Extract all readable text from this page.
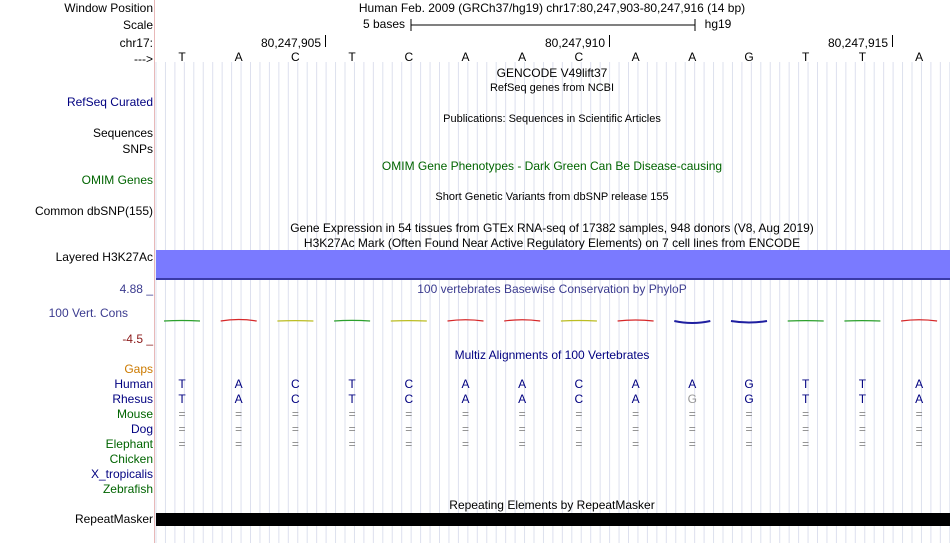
Window Position	Human Feb. 2009 (GRCh37/hg19) chr17:80,247,903-80,247,916 (14 bp)
Scale	5 bases	hg19
chr17:	80,247,905	80,247,910	80,247,915
---> T	A	C	T	C	A	A	C	A	A	G	T	T	A
GENCODE V49lift37
RefSeq genes from NCBI
RefSeq Curated
Publications: Sequences in Scientific Articles
Sequences
SNPs
OMIM Gene Phenotypes - Dark Green Can Be Disease-causing
OMIM Genes
Short Genetic Variants from dbSNP release 155
Common dbSNP(155)
Gene Expression in 54 tissues from GTEx RNA-seq of 17382 samples, 948 donors (V8, Aug 2019)
H3K27Ac Mark (Often Found Near Active Regulatory Elements) on 7 cell lines from ENCODE
Layered H3K27Ac
4.88 _	100 vertebrates Basewise Conservation by PhyloP
100 Vert. Cons
-4.5 _
Multiz Alignments of 100 Vertebrates
Gaps
Human T	A	C	T	C	A	A	C	A	A	G	T	T	A
Rhesus T	A	C	T	C	A	A	C	A	G	G	T	T	A
Mouse =	=	=	=	=	=	=	=	=	=	=	=	=	=
Dog =	=	=	=	=	=	=	=	=	=	=	=	=	=
Elephant =	=	=	=	=	=	=	=	=	=	=	=	=	=
Chicken
X_tropicalis
Zebrafish
Repeating Elements by RepeatMasker
RepeatMasker
